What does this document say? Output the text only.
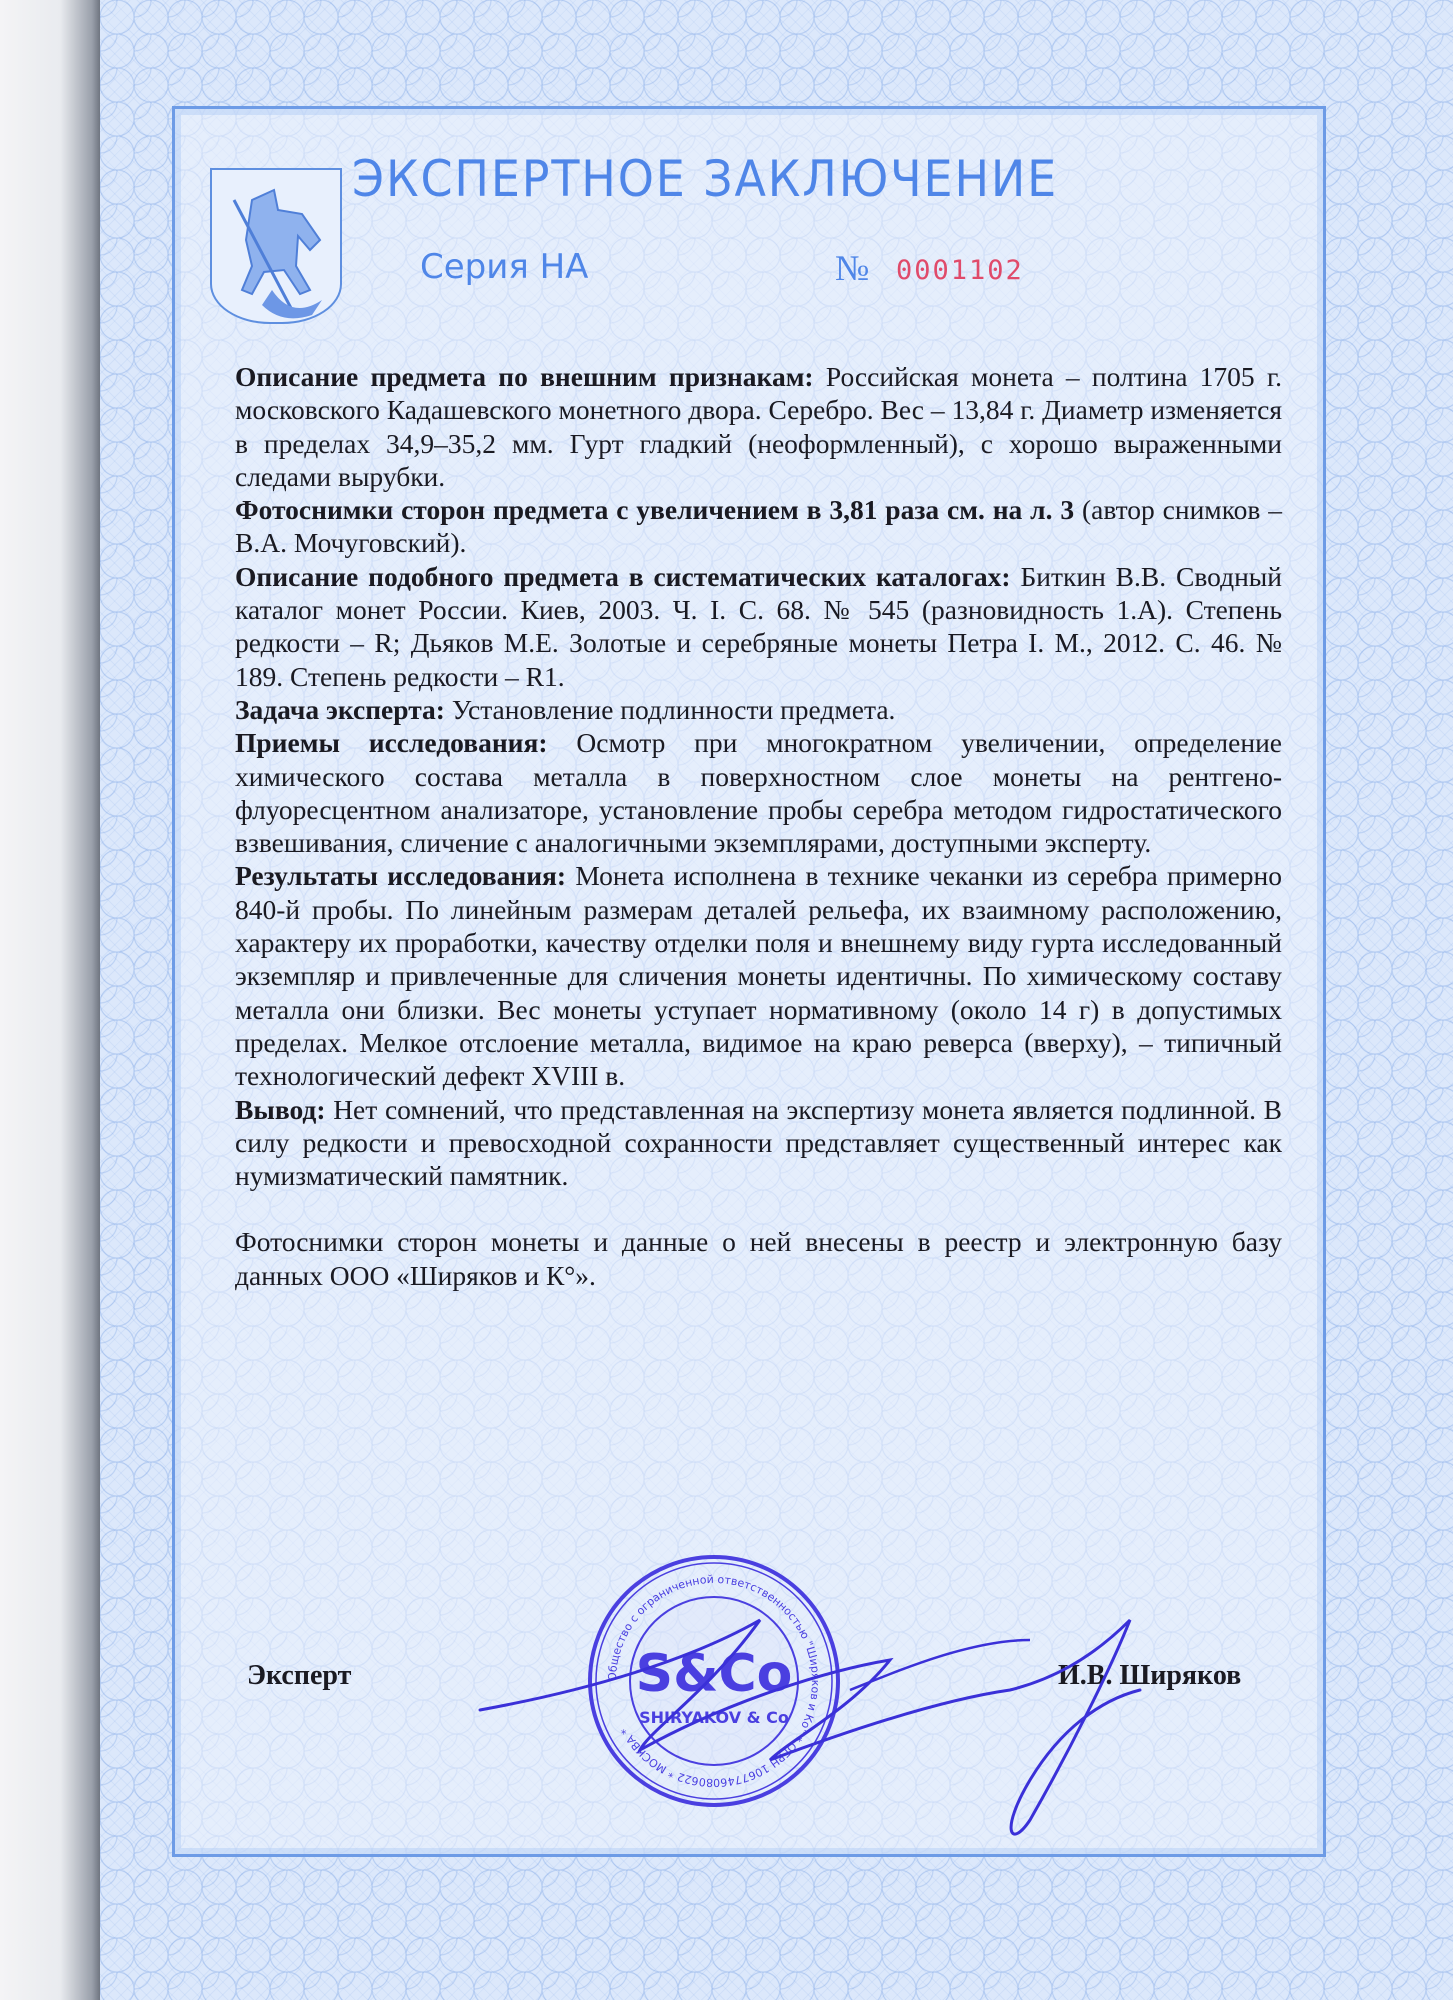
ЭКСПЕРТНОЕ ЗАКЛЮЧЕНИЕ
Серия НА	№ 0001102

Описание предмета по внешним признакам: Российская монета – полтина 1705 г. московского Кадашевского монетного двора. Серебро. Вес – 13,84 г. Диаметр изменяется в пределах 34,9–35,2 мм. Гурт гладкий (неоформленный), с хорошо выраженными следами вырубки.

Фотоснимки сторон предмета с увеличением в 3,81 раза см. на л. 3 (автор снимков – В.А. Мочуговский).

Описание подобного предмета в систематических каталогах: Биткин В.В. Сводный каталог монет России. Киев, 2003. Ч. I. С. 68. № 545 (разновидность 1.А). Степень редкости – R; Дьяков М.Е. Золотые и серебряные монеты Петра I. М., 2012. С. 46. № 189. Степень редкости – R1.

Задача эксперта: Установление подлинности предмета.

Приемы исследования: Осмотр при многократном увеличении, определение химического состава металла в поверхностном слое монеты на рентгено-флуоресцентном анализаторе, установление пробы серебра методом гидростатического взвешивания, сличение с аналогичными экземплярами, доступными эксперту.

Результаты исследования: Монета исполнена в технике чеканки из серебра примерно 840-й пробы. По линейным размерам деталей рельефа, их взаимному расположению, характеру их проработки, качеству отделки поля и внешнему виду гурта исследованный экземпляр и привлеченные для сличения монеты идентичны. По химическому составу металла они близки. Вес монеты уступает нормативному (около 14 г) в допустимых пределах. Мелкое отслоение металла, видимое на краю реверса (вверху), – типичный технологический дефект XVIII в.

Вывод: Нет сомнений, что представленная на экспертизу монета является подлинной. В силу редкости и превосходной сохранности представляет существенный интерес как нумизматический памятник.

Фотоснимки сторон монеты и данные о ней внесены в реестр и электронную базу данных ООО «Ширяков и К°».

Эксперт	И.В. Ширяков
Общество с ограниченной ответственностью "Ширяков и Ко" * ОГРН 1067746080622 * МОСКВА *
S&Co
SHIRYAKOV & Co
